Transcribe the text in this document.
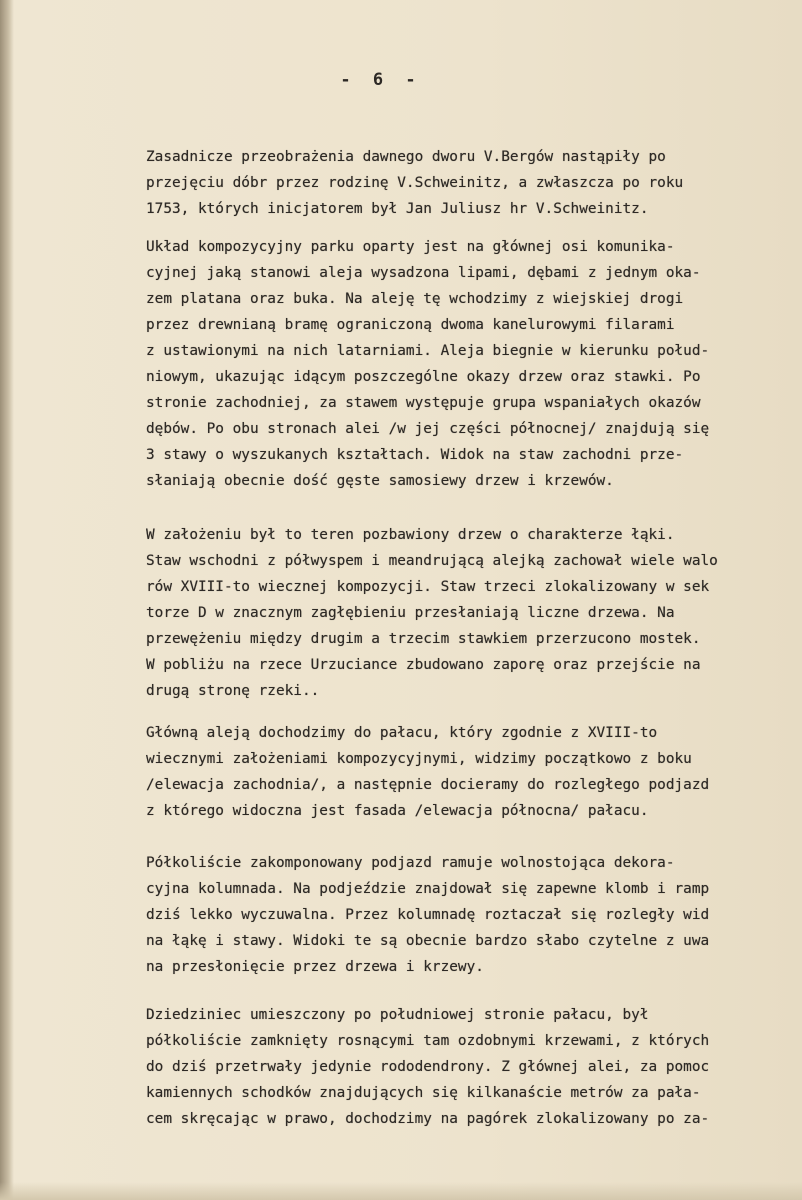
- 6 -
Zasadnicze przeobrażenia dawnego dworu V.Bergów nastąpiły po
przejęciu dóbr przez rodzinę V.Schweinitz, a zwłaszcza po roku
1753, których inicjatorem był Jan Juliusz hr V.Schweinitz.
Układ kompozycyjny parku oparty jest na głównej osi komunika-
cyjnej jaką stanowi aleja wysadzona lipami, dębami z jednym oka-
zem platana oraz buka. Na aleję tę wchodzimy z wiejskiej drogi
przez drewnianą bramę ograniczoną dwoma kanelurowymi filarami
z ustawionymi na nich latarniami. Aleja biegnie w kierunku połud-
niowym, ukazując idącym poszczególne okazy drzew oraz stawki. Po
stronie zachodniej, za stawem występuje grupa wspaniałych okazów
dębów. Po obu stronach alei /w jej części północnej/ znajdują się
3 stawy o wyszukanych kształtach. Widok na staw zachodni prze-
słaniają obecnie dość gęste samosiewy drzew i krzewów.
W założeniu był to teren pozbawiony drzew o charakterze łąki.
Staw wschodni z półwyspem i meandrującą alejką zachował wiele walo
rów XVIII-to wiecznej kompozycji. Staw trzeci zlokalizowany w sek
torze D w znacznym zagłębieniu przesłaniają liczne drzewa. Na
przewężeniu między drugim a trzecim stawkiem przerzucono mostek.
W pobliżu na rzece Urzuciance zbudowano zaporę oraz przejście na
drugą stronę rzeki..
Główną aleją dochodzimy do pałacu, który zgodnie z XVIII-to
wiecznymi założeniami kompozycyjnymi, widzimy początkowo z boku
/elewacja zachodnia/, a następnie docieramy do rozległego podjazd
z którego widoczna jest fasada /elewacja północna/ pałacu.
Półkoliście zakomponowany podjazd ramuje wolnostojąca dekora-
cyjna kolumnada. Na podjeździe znajdował się zapewne klomb i ramp
dziś lekko wyczuwalna. Przez kolumnadę roztaczał się rozległy wid
na łąkę i stawy. Widoki te są obecnie bardzo słabo czytelne z uwa
na przesłonięcie przez drzewa i krzewy.
Dziedziniec umieszczony po południowej stronie pałacu, był
półkoliście zamknięty rosnącymi tam ozdobnymi krzewami, z których
do dziś przetrwały jedynie rododendrony. Z głównej alei, za pomoc
kamiennych schodków znajdujących się kilkanaście metrów za pała-
cem skręcając w prawo, dochodzimy na pagórek zlokalizowany po za-
